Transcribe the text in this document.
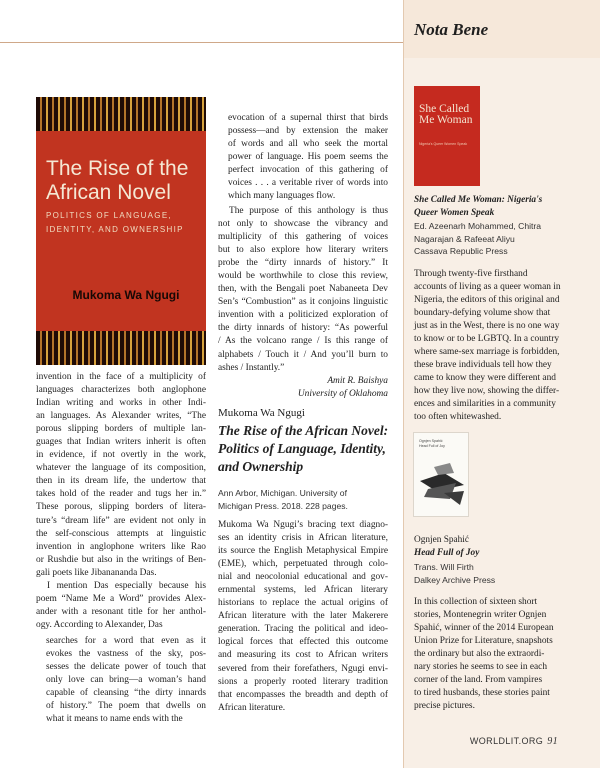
Nota Bene
The Rise of the African Novel
POLITICS OF LANGUAGE, IDENTITY, AND OWNERSHIP
Mukoma Wa Ngugi
invention in the face of a multiplicity of
languages characterizes both anglophone
Indian writing and works in other Indi-
an languages. As Alexander writes, “The
porous slipping borders of multiple lan-
guages that Indian writers inherit is often
in evidence, if not overtly in the work,
whatever the language of its composition,
then in its dream life, the undertow that
takes hold of the reader and tugs her in.”
These porous, slipping borders of litera-
ture’s “dream life” are evident not only in
the self-conscious attempts at linguistic
invention in anglophone writers like Rao
or Rushdie but also in the writings of Ben-
gali poets like Jibanananda Das.
I mention Das especially because his
poem “Name Me a Word” provides Alex-
ander with a resonant title for her anthol-
ogy. According to Alexander, Das
searches for a word that even as it
evokes the vastness of the sky, pos-
sesses the delicate power of touch that
only love can bring—a woman’s hand
capable of cleansing “the dirty innards
of history.” The poem that dwells on
what it means to name ends with the
evocation of a supernal thirst that birds
possess—and by extension the maker
of words and all who seek the mortal
power of language. His poem seems the
perfect invocation of this gathering of
voices . . . a veritable river of words into
which many languages flow.
The purpose of this anthology is thus
not only to showcase the vibrancy and
multiplicity of this gathering of voices
but to also explore how literary writers
probe the “dirty innards of history.” It
would be worthwhile to close this review,
then, with the Bengali poet Nabaneeta Dev
Sen’s “Combustion” as it conjoins linguistic
invention with a politicized exploration of
the dirty innards of history: “As powerful
/ As the volcano range / Is this range of
alphabets / Touch it / And you’ll burn to
ashes / Instantly.”
Amit R. Baishya
University of Oklahoma
Mukoma Wa Ngugi
The Rise of the African Novel:
Politics of Language, Identity,
and Ownership
Ann Arbor, Michigan. University of
Michigan Press. 2018. 228 pages.
Mukoma Wa Ngugi’s bracing text diagno-
ses an identity crisis in African literature,
its source the English Metaphysical Empire
(EME), which, perpetuated through colo-
nial and neocolonial educational and gov-
ernmental systems, led African literary
historians to replace the actual origins of
African literature with the later Makerere
generation. Tracing the political and ideo-
logical forces that effected this outcome
and measuring its cost to African writers
severed from their forefathers, Ngugi envi-
sions a properly rooted literary tradition
that encompasses the breadth and depth of
African literature.
She Called Me Woman
Nigeria's Queer Women Speak
She Called Me Woman: Nigeria's
Queer Women Speak
Ed. Azeenarh Mohammed, Chitra
Nagarajan & Rafeeat Aliyu
Cassava Republic Press
Through twenty-five firsthand
accounts of living as a queer woman in
Nigeria, the editors of this original and
boundary-defying volume show that
just as in the West, there is no one way
to know or to be LGBTQ. In a country
where same-sex marriage is forbidden,
these brave individuals tell how they
came to know they were different and
how they live now, showing the differ-
ences and similarities in a community
too often whitewashed.
Ognjen Spahić
Head Full of Joy
Ognjen Spahić
Head Full of Joy
Trans. Will Firth
Dalkey Archive Press
In this collection of sixteen short
stories, Montenegrin writer Ognjen
Spahić, winner of the 2014 European
Union Prize for Literature, snapshots
the ordinary but also the extraordi-
nary stories he seems to see in each
corner of the land. From vampires
to tired husbands, these stories paint
precise pictures.
WORLDLIT.ORG 91
